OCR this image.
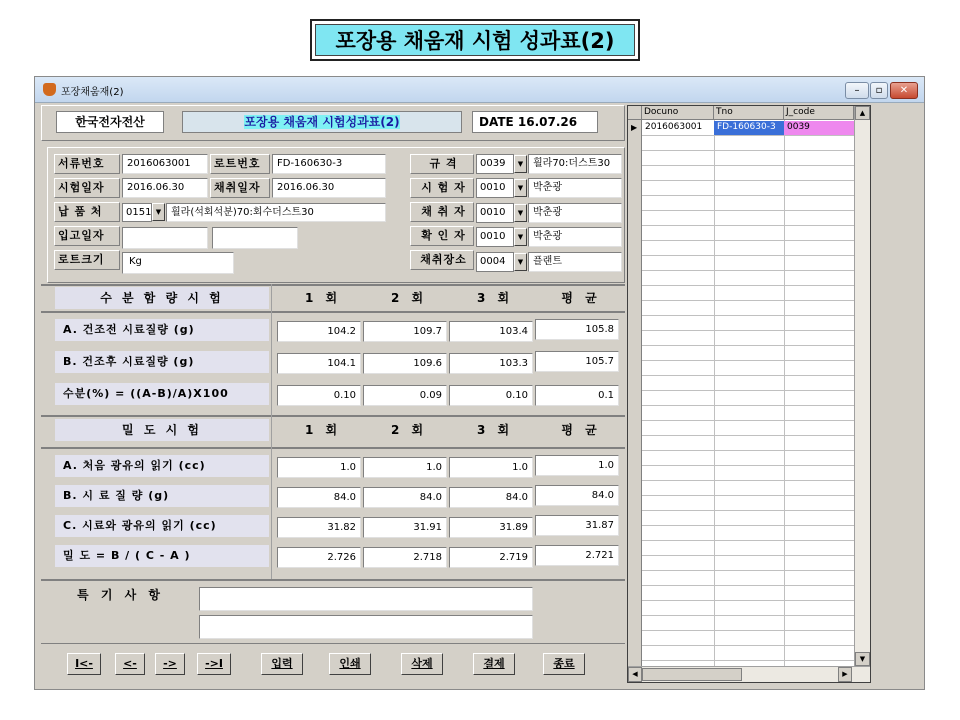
포장용 채움재 시험 성과표(2)
포장채움재(2)	–	▫	✕
한국전자전산	포장용 채움재 시험성과표(2)	DATE 16.07.26
서류번호	2016063001	로트번호	FD-160630-3
시험일자	2016.06.30	채취일자	2016.06.30
납 품 처	0151 ▼ 휠라(석회석분)70:회수더스트30
입고일자
로트크기	Kg
규 격	0039	▼ 휠라70:더스트30
시 험 자	0010	▼ 박춘광
채 취 자	0010	▼ 박춘광
확 인 자	0010	▼ 박춘광
채취장소	0004	▼ 플랜트
수 분 함 량 시 험	1 회	2 회	3 회	평 균
A. 건조전 시료질량 (g)	104.2	109.7	103.4	105.8
B. 건조후 시료질량 (g)	104.1	109.6	103.3	105.7
수분(%) = ((A-B)/A)X100	0.10	0.09	0.10	0.1
밀 도 시 험	1 회	2 회	3 회	평 균
A. 처음 광유의 읽기 (cc)	1.0	1.0	1.0	1.0
B. 시 료 질 량 (g)	84.0	84.0	84.0	84.0
C. 시료와 광유의 읽기 (cc)	31.82	31.91	31.89	31.87
밀 도 = B / ( C - A )	2.726	2.718	2.719	2.721
특 기 사 항
I<-	<-	->	->I	입력	인쇄	삭제	결제	종료
Docuno	Tno	J_code	▲
▼
◀	▶
▶ 2016063001	FD-160630-3	0039
